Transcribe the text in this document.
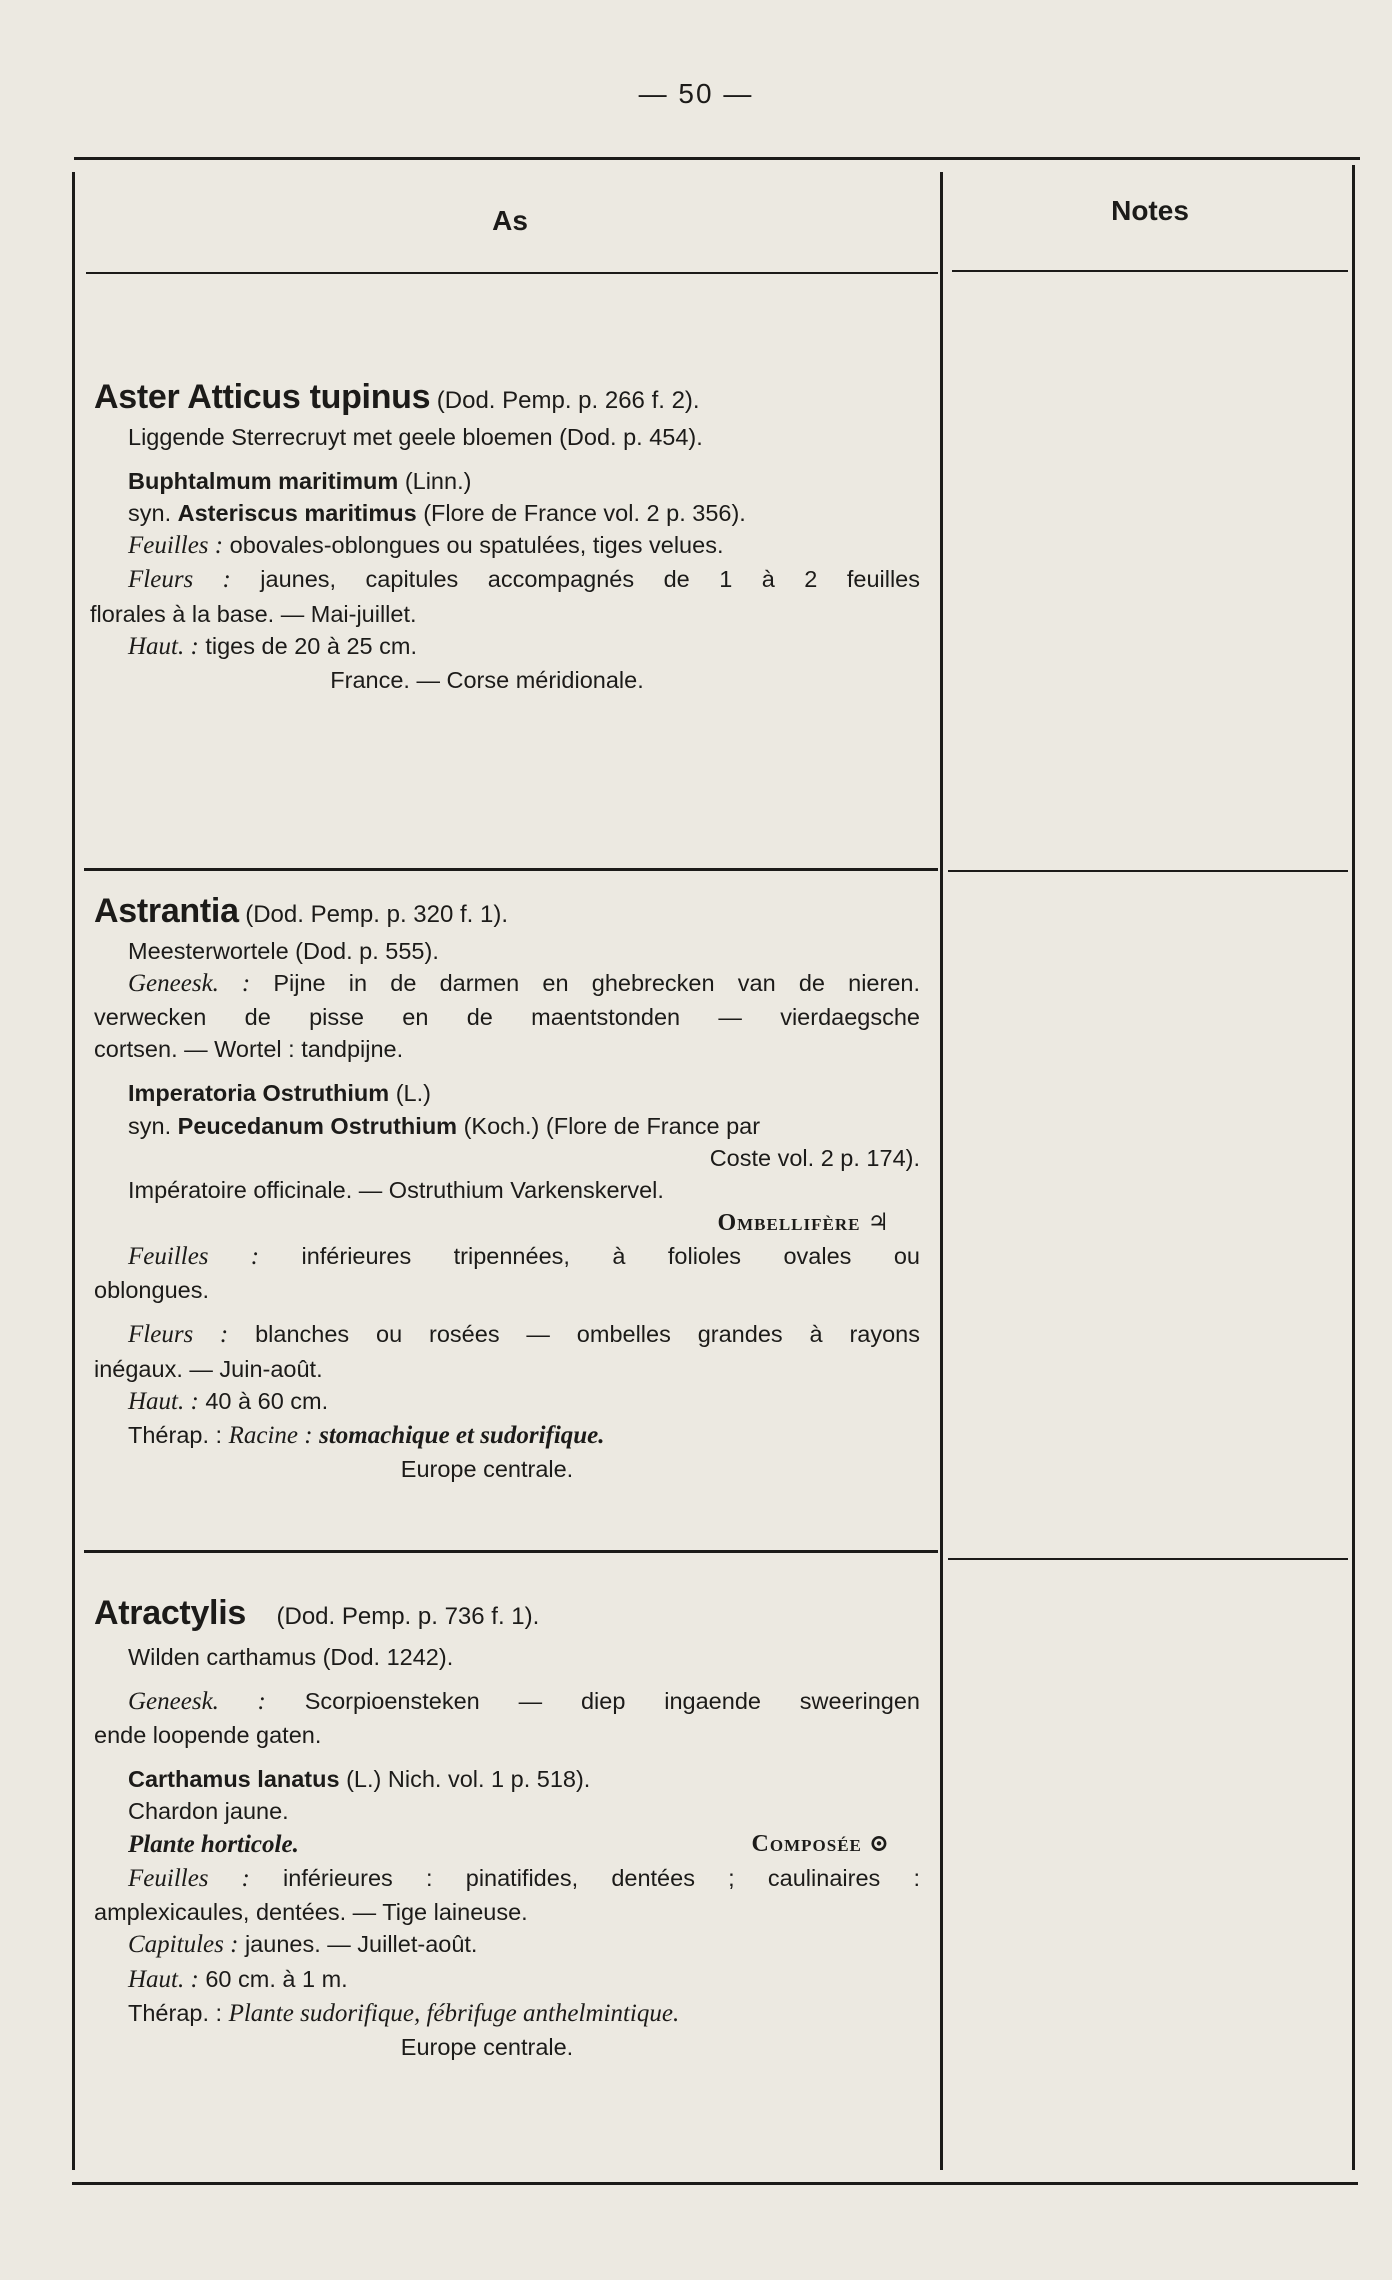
— 50 —
As	Notes

Aster Atticus tupinus (Dod. Pemp. p. 266 f. 2).

Liggende Sterrecruyt met geele bloemen (Dod. p. 454).

Buphtalmum maritimum (Linn.)

syn. Asteriscus maritimus (Flore de France vol. 2 p. 356).

Feuilles : obovales-oblongues ou spatulées, tiges velues.

Fleurs : jaunes, capitules accompagnés de 1 à 2 feuilles

florales à la base. — Mai-juillet.

Haut. : tiges de 20 à 25 cm.

France. — Corse méridionale.

Astrantia (Dod. Pemp. p. 320 f. 1).

Meesterwortele (Dod. p. 555).

Geneesk. : Pijne in de darmen en ghebrecken van de nieren.

verwecken de pisse en de maentstonden — vierdaegsche

cortsen. — Wortel : tandpijne.

Imperatoria Ostruthium (L.)

syn. Peucedanum Ostruthium (Koch.) (Flore de France par

Coste vol. 2 p. 174).

Impératoire officinale. — Ostruthium Varkenskervel.

Ombellifère ♃

Feuilles : inférieures tripennées, à folioles ovales ou

oblongues.

Fleurs : blanches ou rosées — ombelles grandes à rayons

inégaux. — Juin-août.

Haut. : 40 à 60 cm.

Thérap. : Racine : stomachique et sudorifique.

Europe centrale.

Atractylis (Dod. Pemp. p. 736 f. 1).

Wilden carthamus (Dod. 1242).

Geneesk. : Scorpioensteken — diep ingaende sweeringen

ende loopende gaten.

Carthamus lanatus (L.) Nich. vol. 1 p. 518).

Chardon jaune.

Plante horticole.	Composée ⊙

Feuilles : inférieures : pinatifides, dentées ; caulinaires :

amplexicaules, dentées. — Tige laineuse.

Capitules : jaunes. — Juillet-août.

Haut. : 60 cm. à 1 m.

Thérap. : Plante sudorifique, fébrifuge anthelmintique.

Europe centrale.
